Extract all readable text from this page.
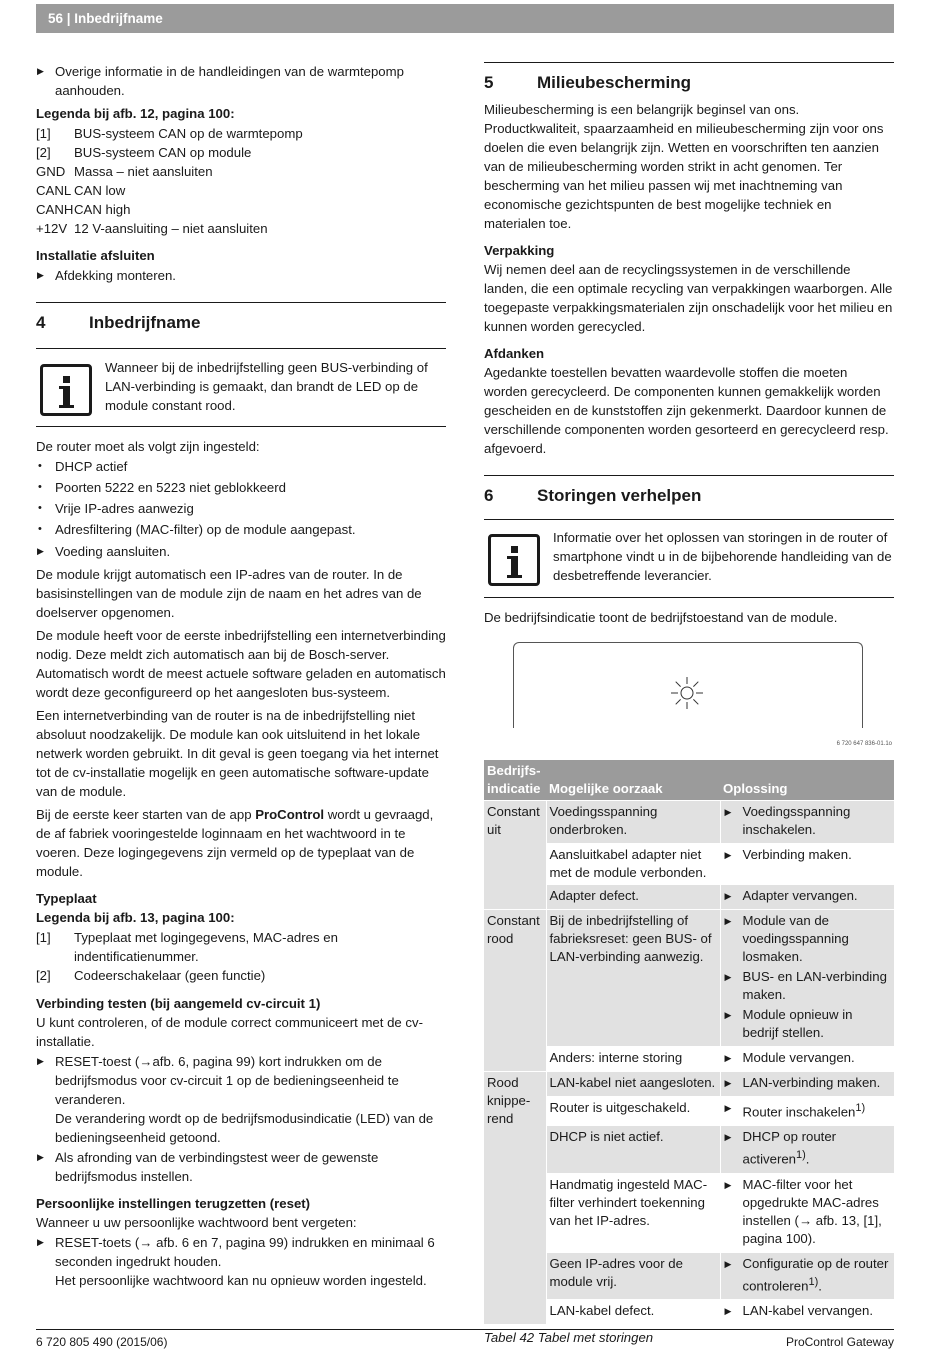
56 | Inbedrijfname

▶ Overige informatie in de handleidingen van de warmtepomp aanhouden.

Legenda bij afb. 12, pagina 100:

[1]	BUS-systeem CAN op de warmtepomp
[2]	BUS-systeem CAN op module
GND Massa – niet aansluiten
CANL CAN low
CANH CAN high
+12V 12 V-aansluiting – niet aansluiten

Installatie afsluiten

▶ Afdekking monteren.

4	Inbedrijfname
Wanneer bij de inbedrijfstelling geen BUS-verbinding of LAN-verbinding is gemaakt, dan brandt de LED op de module constant rood.

De router moet als volgt zijn ingesteld:

• DHCP actief
• Poorten 5222 en 5223 niet geblokkeerd
• Vrije IP-adres aanwezig
• Adresfiltering (MAC-filter) op de module aangepast.

▶ Voeding aansluiten.

De module krijgt automatisch een IP-adres van de router. In de basisinstellingen van de module zijn de naam en het adres van de doelserver opgenomen.

De module heeft voor de eerste inbedrijfstelling een internetverbinding nodig. Deze meldt zich automatisch aan bij de Bosch-server. Automatisch wordt de meest actuele software geladen en automatisch wordt deze geconfigureerd op het aangesloten bus-systeem.

Een internetverbinding van de router is na de inbedrijfstelling niet absoluut noodzakelijk. De module kan ook uitsluitend in het lokale netwerk worden gebruikt. In dit geval is geen toegang via het internet tot de cv-installatie mogelijk en geen automatische software-update van de module.

Bij de eerste keer starten van de app ProControl wordt u gevraagd, de af fabriek vooringestelde loginnaam en het wachtwoord in te voeren. Deze logingegevens zijn vermeld op de typeplaat van de module.

Typeplaat

Legenda bij afb. 13, pagina 100:

[1]	Typeplaat met logingegevens, MAC-adres en indentificatienummer.
[2]	Codeerschakelaar (geen functie)

Verbinding testen (bij aangemeld cv-circuit 1)

U kunt controleren, of de module correct communiceert met de cv-installatie.

▶ RESET-toest (→afb. 6, pagina 99) kort indrukken om de bedrijfsmodus voor cv-circuit 1 op de bedieningseenheid te veranderen.
De verandering wordt op de bedrijfsmodusindicatie (LED) van de bedieningseenheid getoond.

▶ Als afronding van de verbindingstest weer de gewenste bedrijfsmodus instellen.

Persoonlijke instellingen terugzetten (reset)

Wanneer u uw persoonlijke wachtwoord bent vergeten:

▶ RESET-toets (→ afb. 6 en 7, pagina 99) indrukken en minimaal 6 seconden ingedrukt houden.
Het persoonlijke wachtwoord kan nu opnieuw worden ingesteld.
5	Milieubescherming

Milieubescherming is een belangrijk beginsel van ons. Productkwaliteit, spaarzaamheid en milieubescherming zijn voor ons doelen die even belangrijk zijn. Wetten en voorschriften ten aanzien van de milieubescherming worden strikt in acht genomen. Ter bescherming van het milieu passen wij met inachtneming van economische gezichtspunten de best mogelijke techniek en materialen toe.

Verpakking

Wij nemen deel aan de recyclingssystemen in de verschillende landen, die een optimale recycling van verpakkingen waarborgen. Alle toegepaste verpakkingsmaterialen zijn onschadelijk voor het milieu en kunnen worden gerecycled.

Afdanken

Agedankte toestellen bevatten waardevolle stoffen die moeten worden gerecycleerd. De componenten kunnen gemakkelijk worden gescheiden en de kunststoffen zijn gekenmerkt. Daardoor kunnen de verschillende componenten worden gesorteerd en gerecycleerd resp. afgevoerd.

6	Storingen verhelpen
Informatie over het oplossen van storingen in de router of smartphone vindt u in de bijbehorende handleiding van de desbetreffende leverancier.

De bedrijfsindicatie toont de bedrijfstoestand van de module.

6 720 647 836-01.1o
Bedrijfs-
indicatie	Mogelijke oorzaak	Oplossing
Constant uit	Voedingsspanning onderbroken.	▶ Voedingsspanning inschakelen.

	Aansluitkabel adapter niet met de module verbonden.	▶ Verbinding maken.

	Adapter defect.	▶ Adapter vervangen.

Constant rood	Bij de inbedrijfstelling of fabrieksreset: geen BUS- of LAN-verbinding aanwezig.	▶ Module van de voedingsspanning losmaken.
▶ BUS- en LAN-verbinding maken.
▶ Module opnieuw in bedrijf stellen.

	Anders: interne storing	▶ Module vervangen.

Rood knippe-rend	LAN-kabel niet aangesloten.	▶ LAN-verbinding maken.

	Router is uitgeschakeld.	▶ Router inschakelen$^{1)}$

	DHCP is niet actief.	▶ DHCP op router activeren$^{1)}$.

	Handmatig ingesteld MAC-filter verhindert toekenning van het IP-adres.	▶ MAC-filter voor het opgedrukte MAC-adres instellen (→ afb. 13, [1], pagina 100).

	Geen IP-adres voor de module vrij.	▶ Configuratie op de router controleren$^{1)}$.

	LAN-kabel defect.	▶ LAN-kabel vervangen.

Tabel 42 Tabel met storingen

6 720 805 490 (2015/06)	ProControl Gateway
